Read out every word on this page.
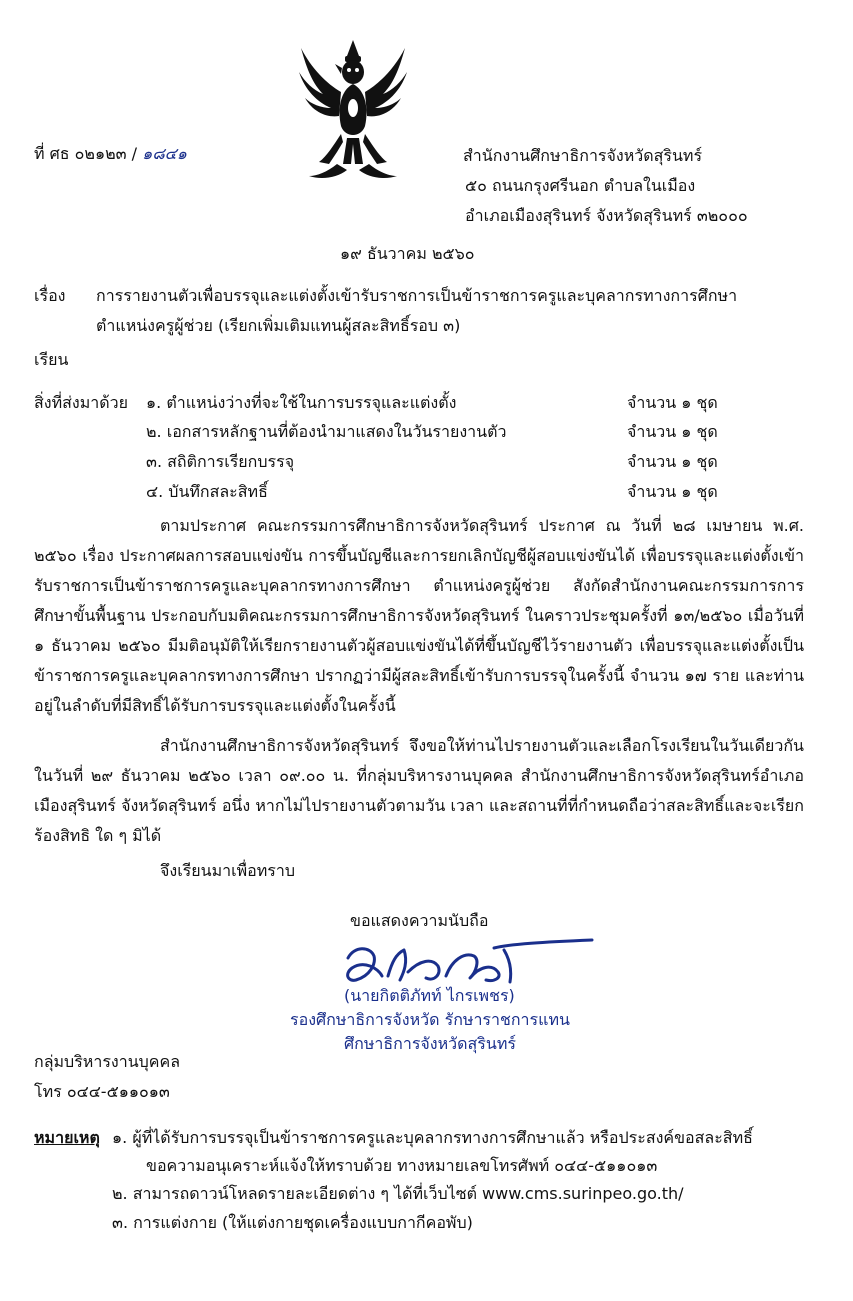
ที่ ศธ ๐๒๑๒๓ / ๑๘๔๑	สำนักงานศึกษาธิการจังหวัดสุรินทร์
๕๐ ถนนกรุงศรีนอก ตำบลในเมือง
อำเภอเมืองสุรินทร์ จังหวัดสุรินทร์ ๓๒๐๐๐
๑๙ ธันวาคม ๒๕๖๐
เรื่อง การรายงานตัวเพื่อบรรจุและแต่งตั้งเข้ารับราชการเป็นข้าราชการครูและบุคลากรทางการศึกษา
ตำแหน่งครูผู้ช่วย (เรียกเพิ่มเติมแทนผู้สละสิทธิ์รอบ ๓)
เรียน
สิ่งที่ส่งมาด้วย ๑. ตำแหน่งว่างที่จะใช้ในการบรรจุและแต่งตั้ง	จำนวน ๑ ชุด
๒. เอกสารหลักฐานที่ต้องนำมาแสดงในวันรายงานตัว	จำนวน ๑ ชุด
๓. สถิติการเรียกบรรจุ	จำนวน ๑ ชุด
๔. บันทึกสละสิทธิ์	จำนวน ๑ ชุด
ตามประกาศ คณะกรรมการศึกษาธิการจังหวัดสุรินทร์ ประกาศ ณ วันที่ ๒๘ เมษายน พ.ศ. ๒๕๖๐ เรื่อง ประกาศผลการสอบแข่งขัน การขึ้นบัญชีและการยกเลิกบัญชีผู้สอบแข่งขันได้ เพื่อบรรจุและแต่งตั้งเข้ารับราชการเป็นข้าราชการครูและบุคลากรทางการศึกษา ตำแหน่งครูผู้ช่วย สังกัดสำนักงานคณะกรรมการการศึกษาขั้นพื้นฐาน ประกอบกับมติคณะกรรมการศึกษาธิการจังหวัดสุรินทร์ ในคราวประชุมครั้งที่ ๑๓/๒๕๖๐ เมื่อวันที่ ๑ ธันวาคม ๒๕๖๐ มีมติอนุมัติให้เรียกรายงานตัวผู้สอบแข่งขันได้ที่ขึ้นบัญชีไว้รายงานตัว เพื่อบรรจุและแต่งตั้งเป็นข้าราชการครูและบุคลากรทางการศึกษา ปรากฏว่ามีผู้สละสิทธิ์เข้ารับการบรรจุในครั้งนี้ จำนวน ๑๗ ราย และท่านอยู่ในลำดับที่มีสิทธิ์ได้รับการบรรจุและแต่งตั้งในครั้งนี้
สำนักงานศึกษาธิการจังหวัดสุรินทร์ จึงขอให้ท่านไปรายงานตัวและเลือกโรงเรียนในวันเดียวกันในวันที่ ๒๙ ธันวาคม ๒๕๖๐ เวลา ๐๙.๐๐ น. ที่กลุ่มบริหารงานบุคคล สำนักงานศึกษาธิการจังหวัดสุรินทร์อำเภอเมืองสุรินทร์ จังหวัดสุรินทร์ อนึ่ง หากไม่ไปรายงานตัวตามวัน เวลา และสถานที่ที่กำหนดถือว่าสละสิทธิ์และจะเรียกร้องสิทธิ ใด ๆ มิได้
จึงเรียนมาเพื่อทราบ
ขอแสดงความนับถือ
(นายกิตติภัทท์ ไกรเพชร)
รองศึกษาธิการจังหวัด รักษาราชการแทน
ศึกษาธิการจังหวัดสุรินทร์
กลุ่มบริหารงานบุคคล
โทร ๐๔๔-๕๑๑๐๑๓
หมายเหตุ ๑. ผู้ที่ได้รับการบรรจุเป็นข้าราชการครูและบุคลากรทางการศึกษาแล้ว หรือประสงค์ขอสละสิทธิ์
ขอความอนุเคราะห์แจ้งให้ทราบด้วย ทางหมายเลขโทรศัพท์ ๐๔๔-๕๑๑๐๑๓
๒. สามารถดาวน์โหลดรายละเอียดต่าง ๆ ได้ที่เว็บไซต์ www.cms.surinpeo.go.th/
๓. การแต่งกาย (ให้แต่งกายชุดเครื่องแบบกากีคอพับ)
